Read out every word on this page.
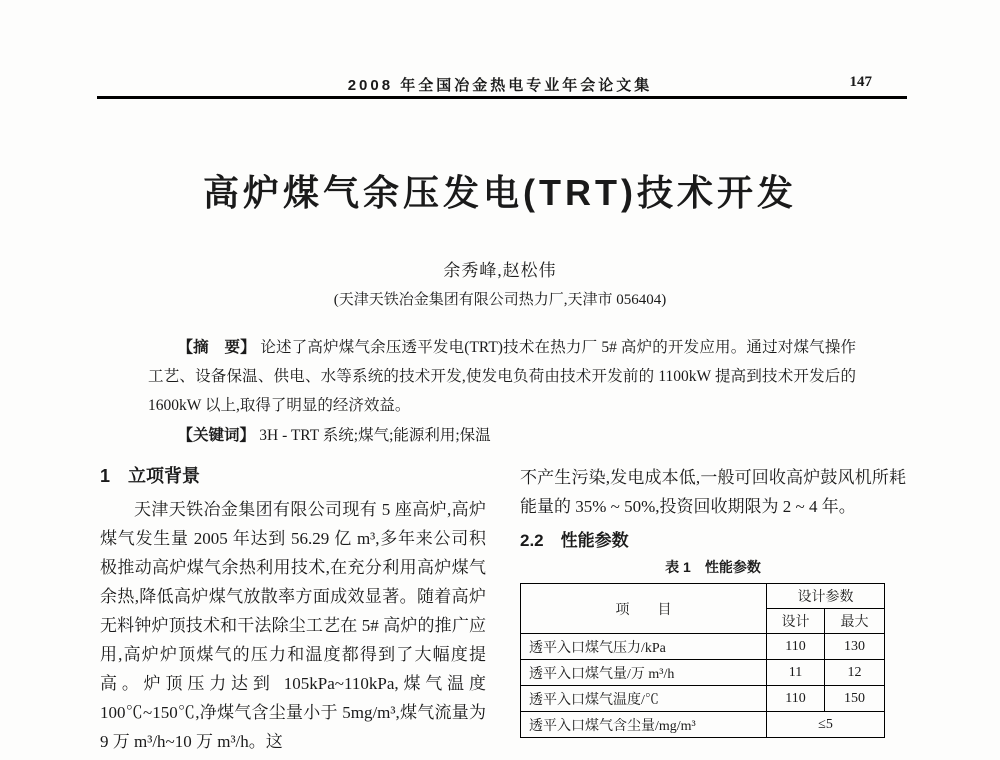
2008 年全国冶金热电专业年会论文集	147
高炉煤气余压发电(TRT)技术开发
余秀峰,赵松伟
(天津天铁冶金集团有限公司热力厂,天津市 056404)

【摘　要】 论述了高炉煤气余压透平发电(TRT)技术在热力厂 5# 高炉的开发应用。通过对煤气操作工艺、设备保温、供电、水等系统的技术开发,使发电负荷由技术开发前的 1100kW 提高到技术开发后的 1600kW 以上,取得了明显的经济效益。

【关键词】 3H - TRT 系统;煤气;能源利用;保温

1　立项背景

天津天铁冶金集团有限公司现有 5 座高炉,高炉煤气发生量 2005 年达到 56.29 亿 m³,多年来公司积极推动高炉煤气余热利用技术,在充分利用高炉煤气余热,降低高炉煤气放散率方面成效显著。随着高炉无料钟炉顶技术和干法除尘工艺在 5# 高炉的推广应用,高炉炉顶煤气的压力和温度都得到了大幅度提高。炉顶压力达到 105kPa~110kPa,煤气温度 100℃~150℃,净煤气含尘量小于 5mg/m³,煤气流量为 9 万 m³/h~10 万 m³/h。这

不产生污染,发电成本低,一般可回收高炉鼓风机所耗能量的 35% ~ 50%,投资回收期限为 2 ~ 4 年。

2.2　性能参数
表 1　性能参数
项　　目	设计参数	
	设计	最大
透平入口煤气压力/kPa	110	130
透平入口煤气量/万 m³/h	11	12
透平入口煤气温度/℃	110	150
透平入口煤气含尘量/mg/m³	≤5	
